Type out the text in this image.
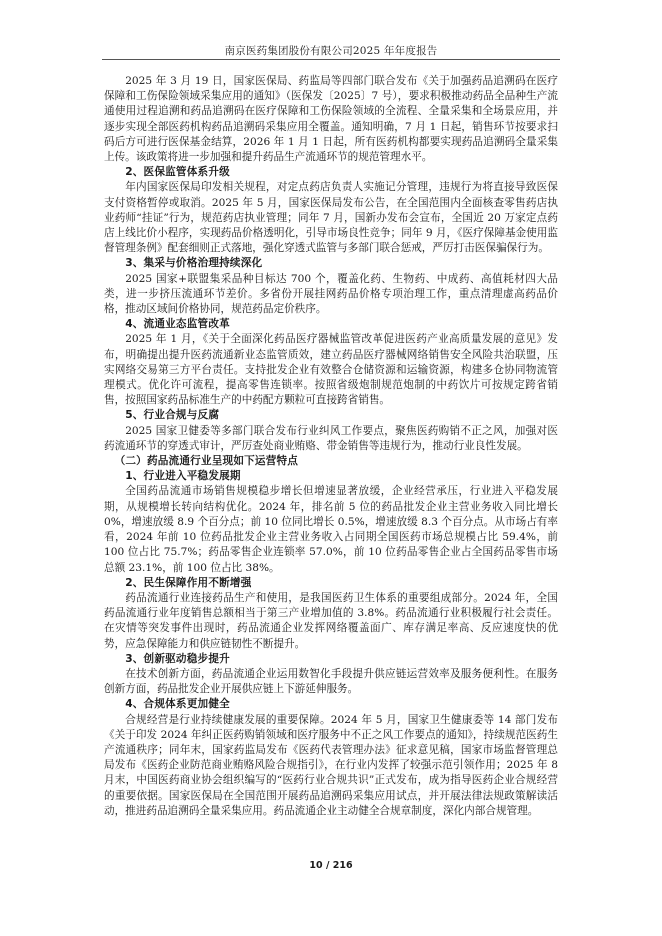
南京医药集团股份有限公司2025 年年度报告

2025 年 3 月 19 日，国家医保局、药监局等四部门联合发布《关于加强药品追溯码在医疗保障和工伤保险领域采集应用的通知》（医保发〔2025〕7 号），要求积极推动药品全品种生产流通使用过程追溯和药品追溯码在医疗保障和工伤保险领域的全流程、全量采集和全场景应用，并逐步实现全部医药机构药品追溯码采集应用全覆盖。通知明确，7 月 1 日起，销售环节按要求扫码后方可进行医保基金结算，2026 年 1 月 1 日起，所有医药机构都要实现药品追溯码全量采集上传。该政策将进一步加强和提升药品生产流通环节的规范管理水平。

2、医保监管体系升级

年内国家医保局印发相关规程，对定点药店负责人实施记分管理，违规行为将直接导致医保支付资格暂停或取消。2025 年 5 月，国家医保局发布公告，在全国范围内全面核查零售药店执业药师“挂证”行为，规范药店执业管理；同年 7 月，国新办发布会宣布，全国近 20 万家定点药店上线比价小程序，实现药品价格透明化，引导市场良性竞争；同年 9 月，《医疗保障基金使用监督管理条例》配套细则正式落地，强化穿透式监管与多部门联合惩戒，严厉打击医保骗保行为。

3、集采与价格治理持续深化

2025 国家+联盟集采品种目标达 700 个，覆盖化药、生物药、中成药、高值耗材四大品类，进一步挤压流通环节差价。多省份开展挂网药品价格专项治理工作，重点清理虚高药品价格，推动区域间价格协同，规范药品定价秩序。

4、流通业态监管改革

2025 年 1 月，《关于全面深化药品医疗器械监管改革促进医药产业高质量发展的意见》发布，明确提出提升医药流通新业态监管质效，建立药品医疗器械网络销售安全风险共治联盟，压实网络交易第三方平台责任。支持批发企业有效整合仓储资源和运输资源，构建多仓协同物流管理模式。优化许可流程，提高零售连锁率。按照省级炮制规范炮制的中药饮片可按规定跨省销售，按照国家药品标准生产的中药配方颗粒可直接跨省销售。

5、行业合规与反腐

2025 国家卫健委等多部门联合发布行业纠风工作要点，聚焦医药购销不正之风，加强对医药流通环节的穿透式审计，严厉查处商业贿赂、带金销售等违规行为，推动行业良性发展。

（二）药品流通行业呈现如下运营特点
1、行业进入平稳发展期

全国药品流通市场销售规模稳步增长但增速显著放缓，企业经营承压，行业进入平稳发展期，从规模增长转向结构优化。2024 年，排名前 5 位的药品批发企业主营业务收入同比增长 0%，增速放缓 8.9 个百分点；前 10 位同比增长 0.5%，增速放缓 8.3 个百分点。从市场占有率看，2024 年前 10 位药品批发企业主营业务收入占同期全国医药市场总规模占比 59.4%，前 100 位占比 75.7%；药品零售企业连锁率 57.0%，前 10 位药品零售企业占全国药品零售市场总额 23.1%，前 100 位占比 38%。

2、民生保障作用不断增强

药品流通行业连接药品生产和使用，是我国医药卫生体系的重要组成部分。2024 年，全国药品流通行业年度销售总额相当于第三产业增加值的 3.8%。药品流通行业积极履行社会责任。在灾情等突发事件出现时，药品流通企业发挥网络覆盖面广、库存满足率高、反应速度快的优势，应急保障能力和供应链韧性不断提升。

3、创新驱动稳步提升

在技术创新方面，药品流通企业运用数智化手段提升供应链运营效率及服务便利性。在服务创新方面，药品批发企业开展供应链上下游延伸服务。

4、合规体系更加健全

合规经营是行业持续健康发展的重要保障。2024 年 5 月，国家卫生健康委等 14 部门发布《关于印发 2024 年纠正医药购销领域和医疗服务中不正之风工作要点的通知》，持续规范医药生产流通秩序；同年末，国家药监局发布《医药代表管理办法》征求意见稿，国家市场监督管理总局发布《医药企业防范商业贿赂风险合规指引》，在行业内发挥了较强示范引领作用；2025 年 8 月末，中国医药商业协会组织编写的“医药行业合规共识”正式发布，成为指导医药企业合规经营的重要依据。国家医保局在全国范围开展药品追溯码采集应用试点，并开展法律法规政策解读活动，推进药品追溯码全量采集应用。药品流通企业主动健全合规章制度，深化内部合规管理。

10 / 216
